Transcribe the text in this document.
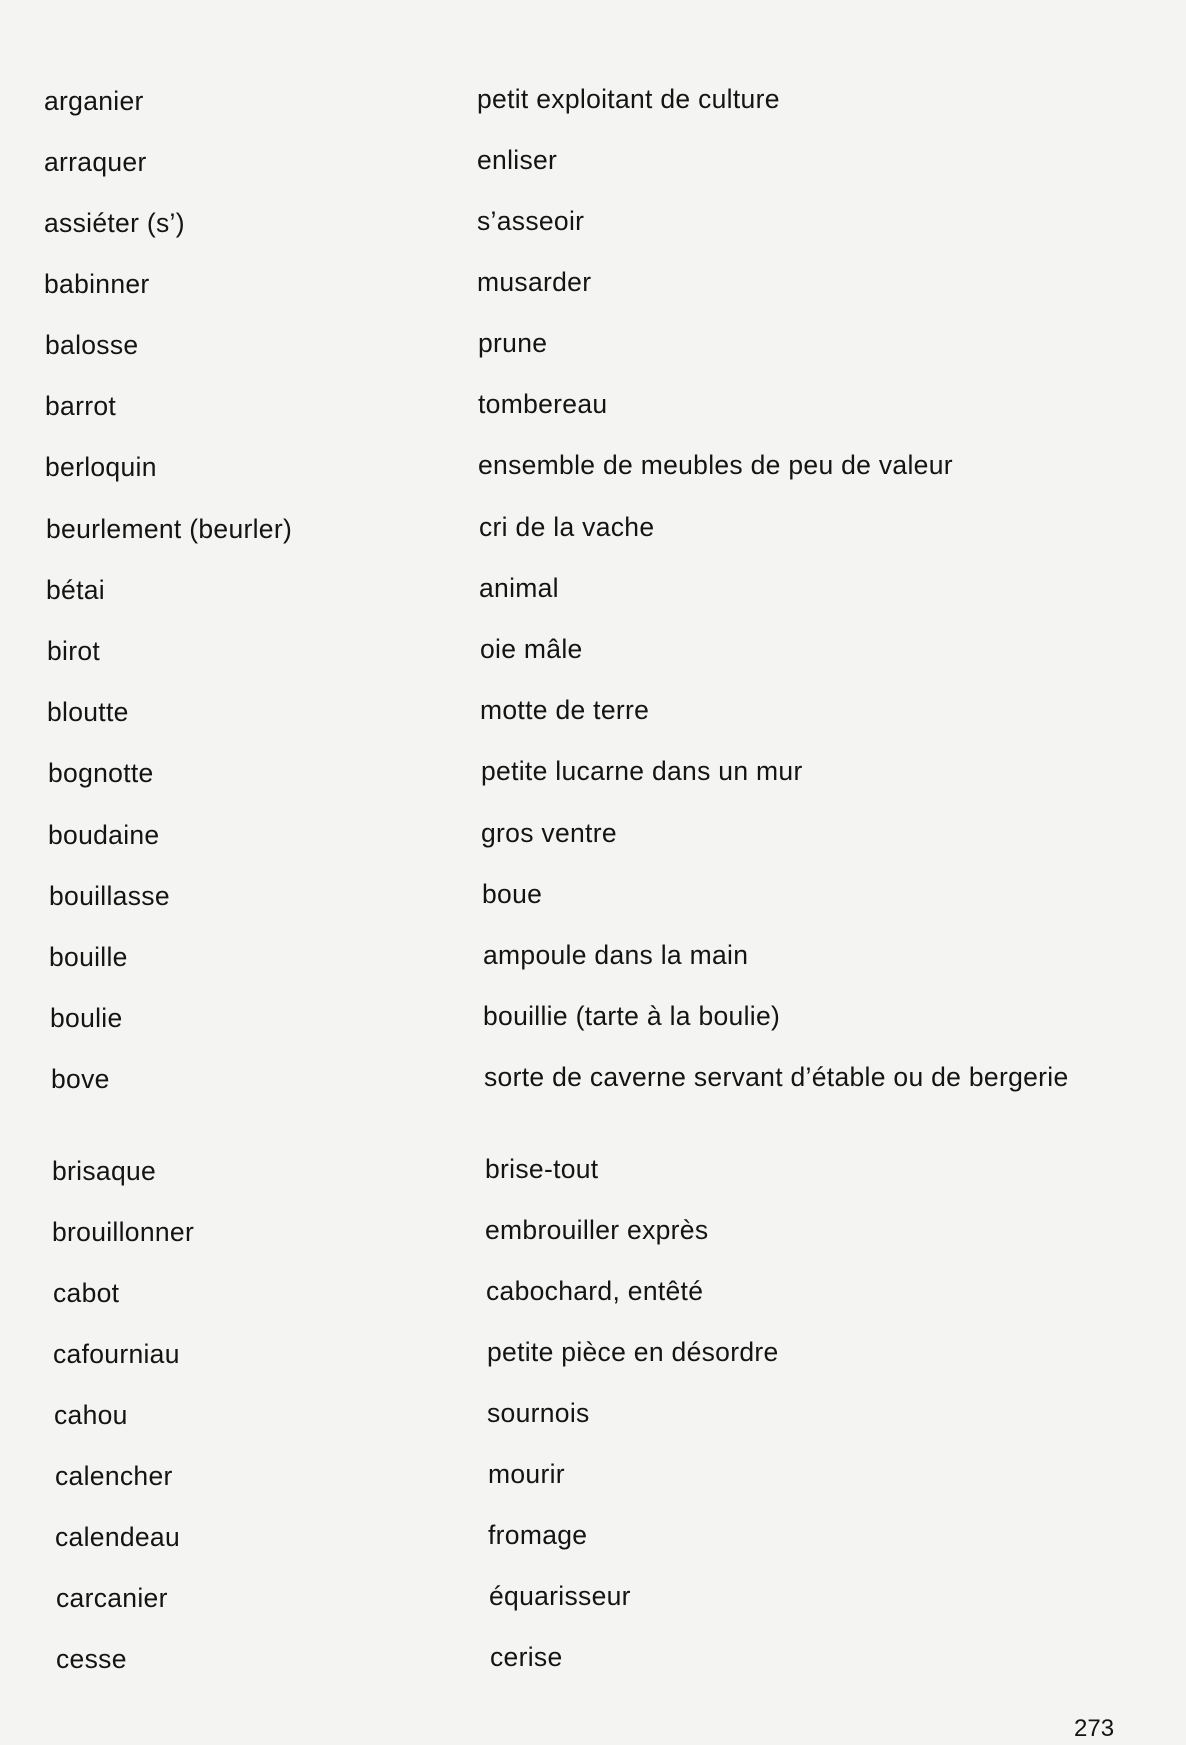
arganier	petit exploitant de culture
arraquer	enliser
assiéter (s’)	s’asseoir
babinner	musarder
balosse	prune
barrot	tombereau
berloquin	ensemble de meubles de peu de valeur
beurlement (beurler)	cri de la vache
bétai	animal
birot	oie mâle
bloutte	motte de terre
bognotte	petite lucarne dans un mur
boudaine	gros ventre
bouillasse	boue
bouille	ampoule dans la main
boulie	bouillie (tarte à la boulie)
bove	sorte de caverne servant d’étable ou de bergerie
brisaque	brise-tout
brouillonner	embrouiller exprès
cabot	cabochard, entêté
cafourniau	petite pièce en désordre
cahou	sournois
calencher	mourir
calendeau	fromage
carcanier	équarisseur
cesse	cerise
273
